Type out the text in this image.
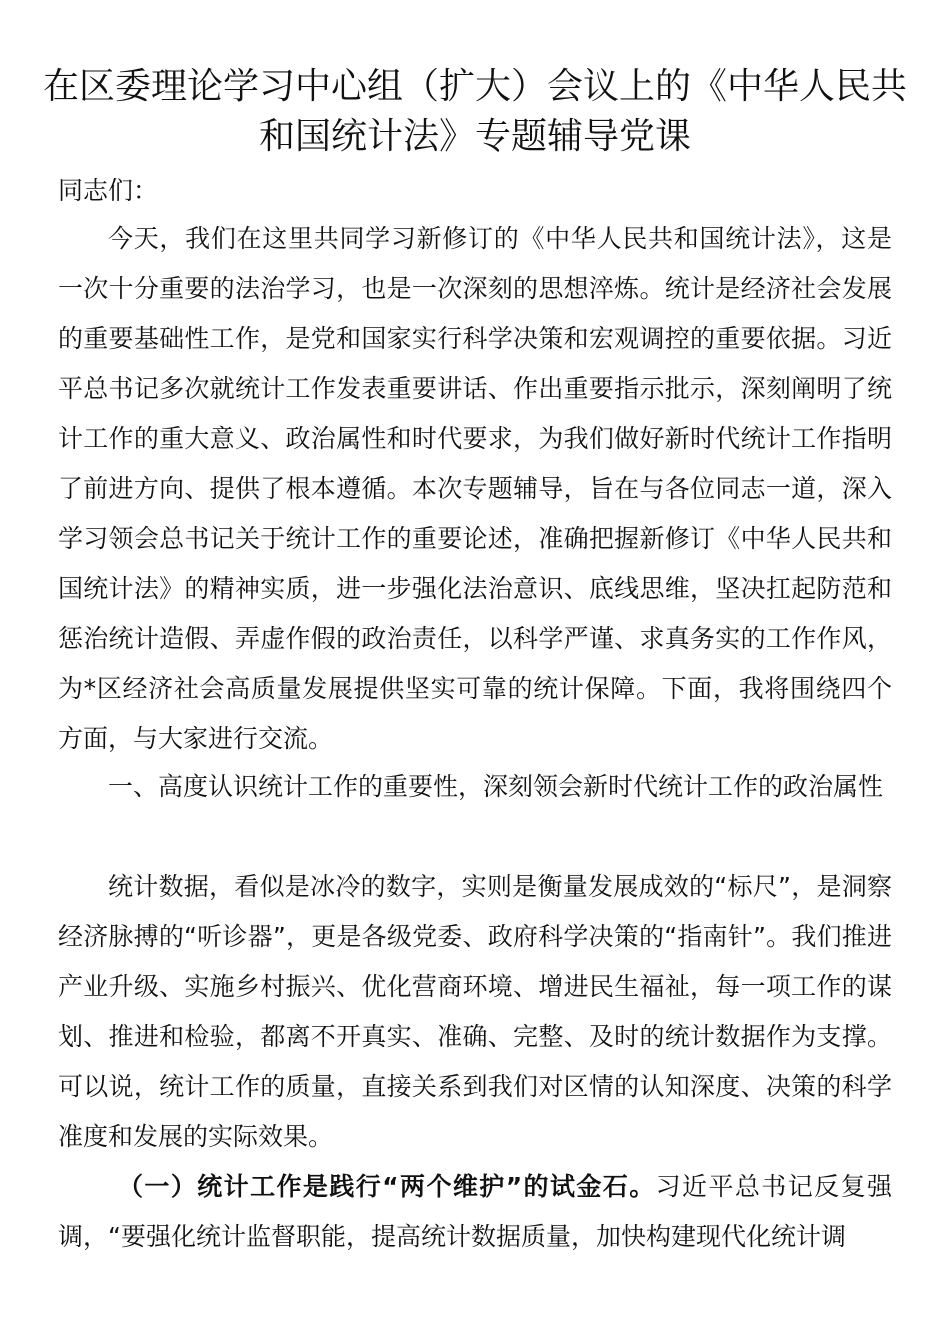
在区委理论学习中心组（扩大）会议上的《中华人民共和国统计法》专题辅导党课

同志们：

今天，我们在这里共同学习新修订的《中华人民共和国统计法》，这是一次十分重要的法治学习，也是一次深刻的思想淬炼。统计是经济社会发展的重要基础性工作，是党和国家实行科学决策和宏观调控的重要依据。习近平总书记多次就统计工作发表重要讲话、作出重要指示批示，深刻阐明了统计工作的重大意义、政治属性和时代要求，为我们做好新时代统计工作指明了前进方向、提供了根本遵循。本次专题辅导，旨在与各位同志一道，深入学习领会总书记关于统计工作的重要论述，准确把握新修订《中华人民共和国统计法》的精神实质，进一步强化法治意识、底线思维，坚决扛起防范和惩治统计造假、弄虚作假的政治责任，以科学严谨、求真务实的工作作风，为*区经济社会高质量发展提供坚实可靠的统计保障。下面，我将围绕四个方面，与大家进行交流。

一、高度认识统计工作的重要性，深刻领会新时代统计工作的政治属性

统计数据，看似是冰冷的数字，实则是衡量发展成效的“标尺”，是洞察经济脉搏的“听诊器”，更是各级党委、政府科学决策的“指南针”。我们推进产业升级、实施乡村振兴、优化营商环境、增进民生福祉，每一项工作的谋划、推进和检验，都离不开真实、准确、完整、及时的统计数据作为支撑。可以说，统计工作的质量，直接关系到我们对区情的认知深度、决策的科学准度和发展的实际效果。

（一）统计工作是践行“两个维护”的试金石。习近平总书记反复强调，“要强化统计监督职能，提高统计数据质量，加快构建现代化统计调
